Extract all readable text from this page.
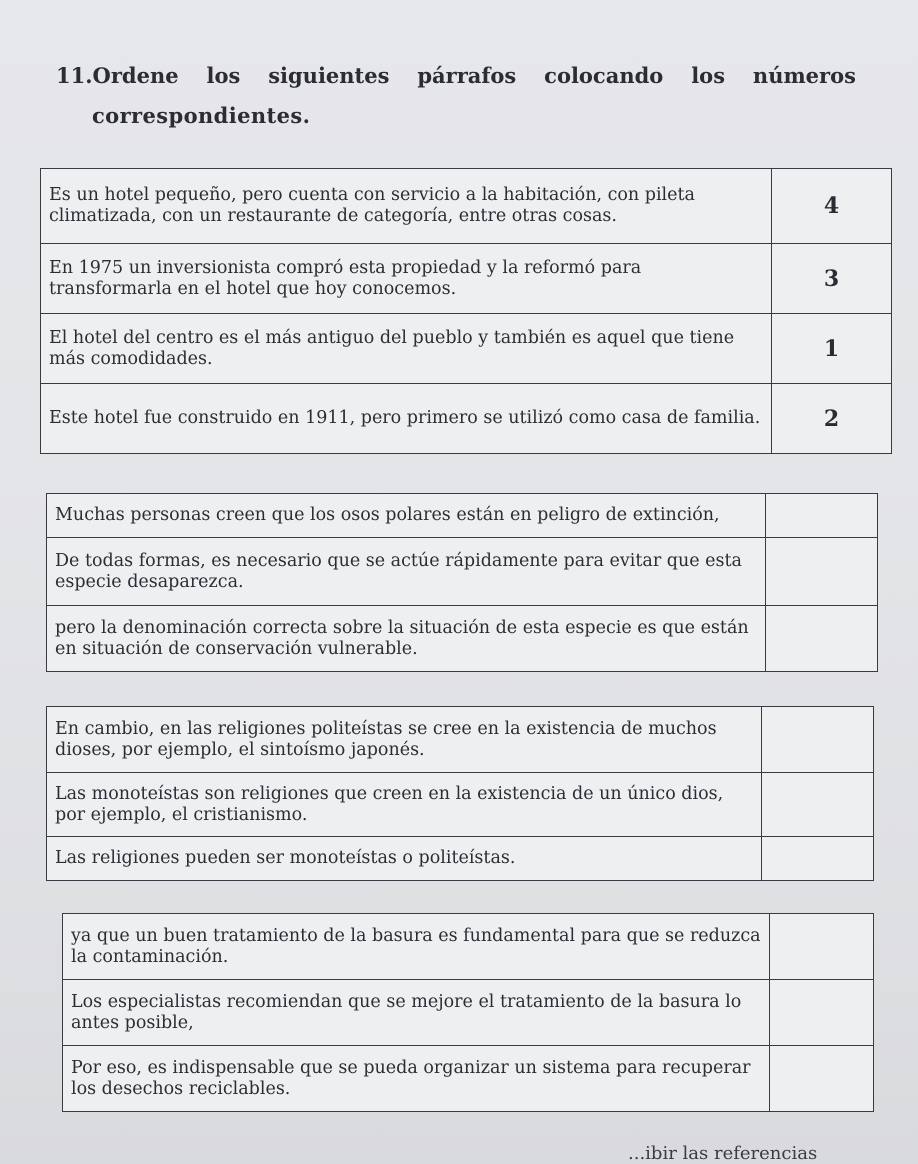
11.Ordene los siguientes párrafos colocando los números
correspondientes.
Es un hotel pequeño, pero cuenta con servicio a la habitación, con pileta climatizada, con un restaurante de categoría, entre otras cosas.	4
En 1975 un inversionista compró esta propiedad y la reformó para transformarla en el hotel que hoy conocemos.	3
El hotel del centro es el más antiguo del pueblo y también es aquel que tiene más comodidades.	1
Este hotel fue construido en 1911, pero primero se utilizó como casa de familia.	2
Muchas personas creen que los osos polares están en peligro de extinción,	
De todas formas, es necesario que se actúe rápidamente para evitar que esta especie desaparezca.	
pero la denominación correcta sobre la situación de esta especie es que están en situación de conservación vulnerable.	
En cambio, en las religiones politeístas se cree en la existencia de muchos dioses, por ejemplo, el sintoísmo japonés.	
Las monoteístas son religiones que creen en la existencia de un único dios, por ejemplo, el cristianismo.	
Las religiones pueden ser monoteístas o politeístas.	
ya que un buen tratamiento de la basura es fundamental para que se reduzca la contaminación.	
Los especialistas recomiendan que se mejore el tratamiento de la basura lo antes posible,	
Por eso, es indispensable que se pueda organizar un sistema para recuperar los desechos reciclables.	
...ibir las referencias
